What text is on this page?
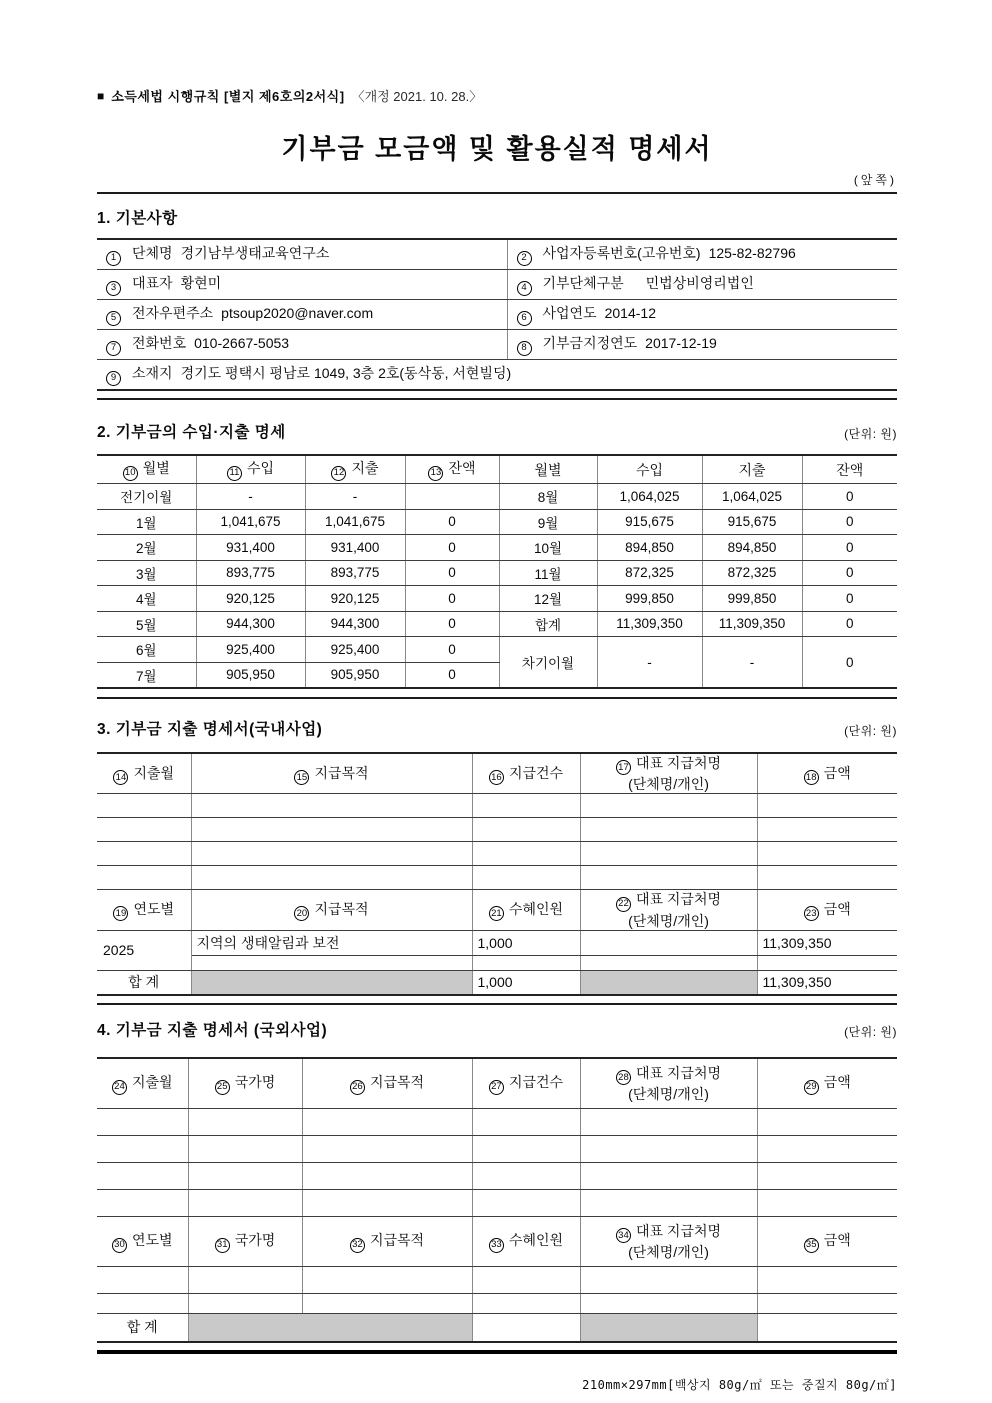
■ 소득세법 시행규칙 [별지 제6호의2서식] 〈개정 2021. 10. 28.〉
기부금 모금액 및 활용실적 명세서
(앞쪽)
1. 기본사항
1 단체명 경기남부생태교육연구소	2 사업자등록번호(고유번호) 125-82-82796
3 대표자 황현미	4 기부단체구분 민법상비영리법인
5 전자우편주소 ptsoup2020@naver.com	6 사업연도 2014-12
7 전화번호 010-2667-5053	8 기부금지정연도 2017-12-19
9 소재지 경기도 평택시 평남로 1049, 3층 2호(동삭동, 서현빌딩)	
2. 기부금의 수입·지출 명세	(단위: 원)
10 월별	11 수입	12 지출	13 잔액	월별	수입	지출	잔액
전기이월	-	-		8월	1,064,025	1,064,025	0
1월	1,041,675	1,041,675	0	9월	915,675	915,675	0
2월	931,400	931,400	0	10월	894,850	894,850	0
3월	893,775	893,775	0	11월	872,325	872,325	0
4월	920,125	920,125	0	12월	999,850	999,850	0
5월	944,300	944,300	0	합계	11,309,350	11,309,350	0
6월	925,400	925,400	0	차기이월	-	-	0
7월	905,950	905,950	0				
3. 기부금 지출 명세서(국내사업)	(단위: 원)
14 지출월	15 지급목적	16 지급건수	17 대표 지급처명
(단체명/개인)	18 금액

19 연도별	20 지급목적	21 수혜인원	22 대표 지급처명
(단체명/개인)	23 금액
2025	지역의 생태알림과 보전	1,000		11,309,350

합 계		1,000		11,309,350
4. 기부금 지출 명세서 (국외사업)	(단위: 원)
24 지출월	25 국가명	26 지급목적	27 지급건수	28 대표 지급처명
(단체명/개인)	29 금액

30 연도별	31 국가명	32 지급목적	33 수혜인원	34 대표 지급처명
(단체명/개인)	35 금액

합 계					
210mm×297mm[백상지 80g/㎡ 또는 중질지 80g/㎡]
